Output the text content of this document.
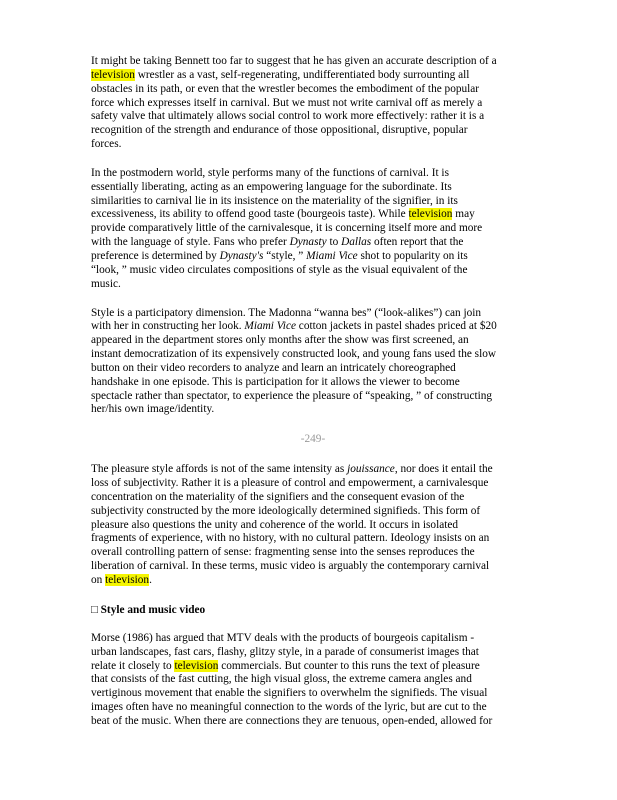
It might be taking Bennett too far to suggest that he has given an accurate description of a
television wrestler as a vast, self-regenerating, undifferentiated body surrounting all
obstacles in its path, or even that the wrestler becomes the embodiment of the popular
force which expresses itself in carnival. But we must not write carnival off as merely a
safety valve that ultimately allows social control to work more effectively: rather it is a
recognition of the strength and endurance of those oppositional, disruptive, popular
forces.

In the postmodern world, style performs many of the functions of carnival. It is
essentially liberating, acting as an empowering language for the subordinate. Its
similarities to carnival lie in its insistence on the materiality of the signifier, in its
excessiveness, its ability to offend good taste (bourgeois taste). While television may
provide comparatively little of the carnivalesque, it is concerning itself more and more
with the language of style. Fans who prefer Dynasty to Dallas often report that the
preference is determined by Dynasty's “style, ” Miami Vice shot to popularity on its
“look, ” music video circulates compositions of style as the visual equivalent of the
music.

Style is a participatory dimension. The Madonna “wanna bes” (“look-alikes”) can join
with her in constructing her look. Miami Vice cotton jackets in pastel shades priced at $20
appeared in the department stores only months after the show was first screened, an
instant democratization of its expensively constructed look, and young fans used the slow
button on their video recorders to analyze and learn an intricately choreographed
handshake in one episode. This is participation for it allows the viewer to become
spectacle rather than spectator, to experience the pleasure of “speaking, ” of constructing
her/his own image/identity.

-249-

The pleasure style affords is not of the same intensity as jouissance, nor does it entail the
loss of subjectivity. Rather it is a pleasure of control and empowerment, a carnivalesque
concentration on the materiality of the signifiers and the consequent evasion of the
subjectivity constructed by the more ideologically determined signifieds. This form of
pleasure also questions the unity and coherence of the world. It occurs in isolated
fragments of experience, with no history, with no cultural pattern. Ideology insists on an
overall controlling pattern of sense: fragmenting sense into the senses reproduces the
liberation of carnival. In these terms, music video is arguably the contemporary carnival
on television.

□ Style and music video

Morse (1986) has argued that MTV deals with the products of bourgeois capitalism -
urban landscapes, fast cars, flashy, glitzy style, in a parade of consumerist images that
relate it closely to television commercials. But counter to this runs the text of pleasure
that consists of the fast cutting, the high visual gloss, the extreme camera angles and
vertiginous movement that enable the signifiers to overwhelm the signifieds. The visual
images often have no meaningful connection to the words of the lyric, but are cut to the
beat of the music. When there are connections they are tenuous, open-ended, allowed for
